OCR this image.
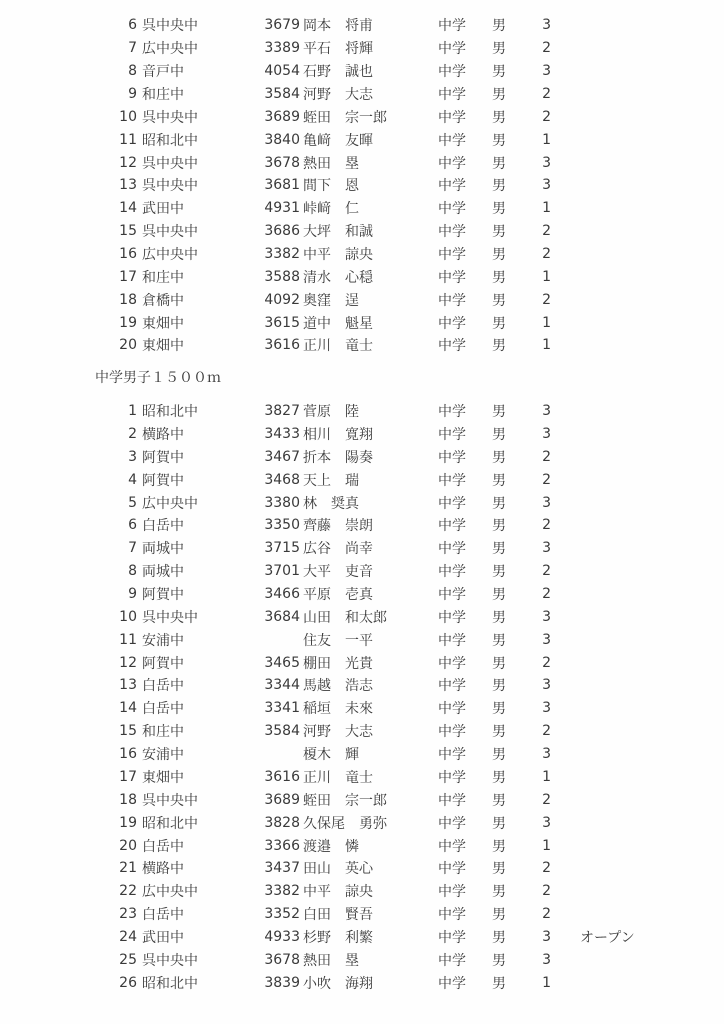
6 呉中央中	3679 岡本　将甫	中学	男	3
7 広中央中	3389 平石　将輝	中学	男	2
8 音戸中	4054 石野　誠也	中学	男	3
9 和庄中	3584 河野　大志	中学	男	2
10 呉中央中	3689 蛭田　宗一郎	中学	男	2
11 昭和北中	3840 亀﨑　友暉	中学	男	1
12 呉中央中	3678 熱田　塁	中学	男	3
13 呉中央中	3681 間下　恩	中学	男	3
14 武田中	4931 峠﨑　仁	中学	男	1
15 呉中央中	3686 大坪　和誠	中学	男	2
16 広中央中	3382 中平　諒央	中学	男	2
17 和庄中	3588 清水　心穏	中学	男	1
18 倉橋中	4092 奥窪　逞	中学	男	2
19 東畑中	3615 道中　魁星	中学	男	1
20 東畑中	3616 正川　竜士	中学	男	1
中学男子１５００ｍ
1 昭和北中	3827 菅原　陸	中学	男	3
2 横路中	3433 相川　寛翔	中学	男	3
3 阿賀中	3467 折本　陽奏	中学	男	2
4 阿賀中	3468 天上　瑞	中学	男	2
5 広中央中	3380 林　奨真	中学	男	3
6 白岳中	3350 齊藤　崇朗	中学	男	2
7 両城中	3715 広谷　尚幸	中学	男	3
8 両城中	3701 大平　吏音	中学	男	2
9 阿賀中	3466 平原　壱真	中学	男	2
10 呉中央中	3684 山田　和太郎	中学	男	3
11 安浦中	住友　一平	中学	男	3
12 阿賀中	3465 棚田　光貴	中学	男	2
13 白岳中	3344 馬越　浩志	中学	男	3
14 白岳中	3341 稲垣　未來	中学	男	3
15 和庄中	3584 河野　大志	中学	男	2
16 安浦中	榎木　輝	中学	男	3
17 東畑中	3616 正川　竜士	中学	男	1
18 呉中央中	3689 蛭田　宗一郎	中学	男	2
19 昭和北中	3828 久保尾　勇弥	中学	男	3
20 白岳中	3366 渡邉　憐	中学	男	1
21 横路中	3437 田山　英心	中学	男	2
22 広中央中	3382 中平　諒央	中学	男	2
23 白岳中	3352 白田　賢吾	中学	男	2
24 武田中	4933 杉野　利繁	中学	男	3	オープン
25 呉中央中	3678 熱田　塁	中学	男	3
26 昭和北中	3839 小吹　海翔	中学	男	1
